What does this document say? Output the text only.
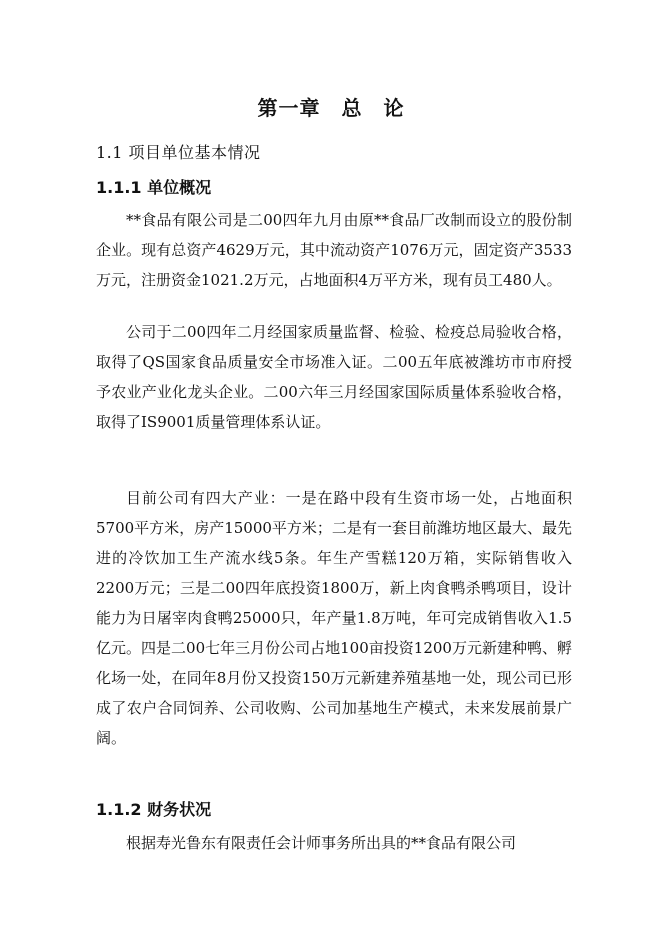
第一章　总　论
1.1 项目单位基本情况
1.1.1 单位概况

**食品有限公司是二00四年九月由原**食品厂改制而设立的股份制企业。现有总资产4629万元，其中流动资产1076万元，固定资产3533万元，注册资金1021.2万元，占地面积4万平方米，现有员工480人。

公司于二00四年二月经国家质量监督、检验、检疫总局验收合格，取得了QS国家食品质量安全市场准入证。二00五年底被潍坊市市府授予农业产业化龙头企业。二00六年三月经国家国际质量体系验收合格，取得了IS9001质量管理体系认证。

目前公司有四大产业：一是在路中段有生资市场一处，占地面积5700平方米，房产15000平方米；二是有一套目前潍坊地区最大、最先进的冷饮加工生产流水线5条。年生产雪糕120万箱，实际销售收入2200万元；三是二00四年底投资1800万，新上肉食鸭杀鸭项目，设计能力为日屠宰肉食鸭25000只，年产量1.8万吨，年可完成销售收入1.5亿元。四是二00七年三月份公司占地100亩投资1200万元新建种鸭、孵化场一处，在同年8月份又投资150万元新建养殖基地一处，现公司已形成了农户合同饲养、公司收购、公司加基地生产模式，未来发展前景广阔。

1.1.2 财务状况

根据寿光鲁东有限责任会计师事务所出具的**食品有限公司
